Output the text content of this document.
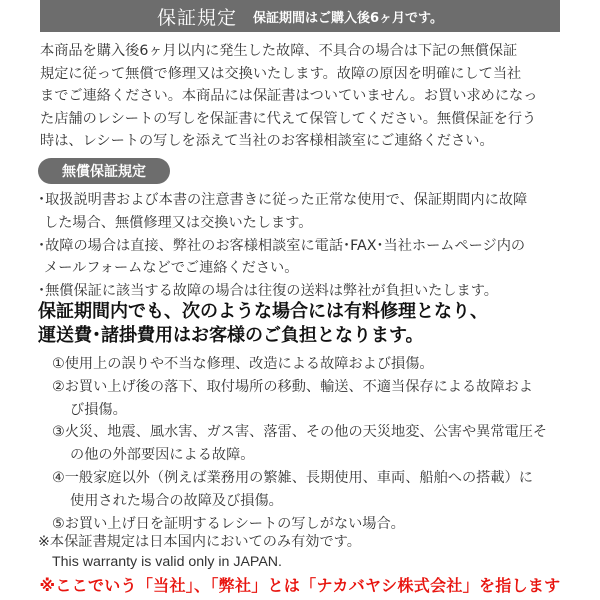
保証規定 保証期間はご購入後6ヶ月です。

本商品を購入後6ヶ月以内に発生した故障、不具合の場合は下記の無償保証

規定に従って無償で修理又は交換いたします。故障の原因を明確にして当社

までご連絡ください。本商品には保証書はついていません。お買い求めになっ

た店舗のレシートの写しを保証書に代えて保管してください。無償保証を行う

時は、レシートの写しを添えて当社のお客様相談室にご連絡ください。

無償保証規定

･取扱説明書および本書の注意書きに従った正常な使用で、保証期間内に故障

した場合、無償修理又は交換いたします。

･故障の場合は直接、弊社のお客様相談室に電話･FAX･当社ホームページ内の

メールフォームなどでご連絡ください。

･無償保証に該当する故障の場合は往復の送料は弊社が負担いたします。

保証期間内でも、次のような場合には有料修理となり、

運送費･諸掛費用はお客様のご負担となります。

①使用上の誤りや不当な修理、改造による故障および損傷。

②お買い上げ後の落下、取付場所の移動、輸送、不適当保存による故障およ

び損傷。

③火災、地震、風水害、ガス害、落雷、その他の天災地変、公害や異常電圧そ

の他の外部要因による故障。

④一般家庭以外（例えば業務用の繁雑、長期使用、車両、船舶への搭載）に

使用された場合の故障及び損傷。

⑤お買い上げ日を証明するレシートの写しがない場合。

※本保証書規定は日本国内においてのみ有効です。

This warranty is valid only in JAPAN.

※ここでいう「当社」、「弊社」とは「ナカバヤシ株式会社」を指します
